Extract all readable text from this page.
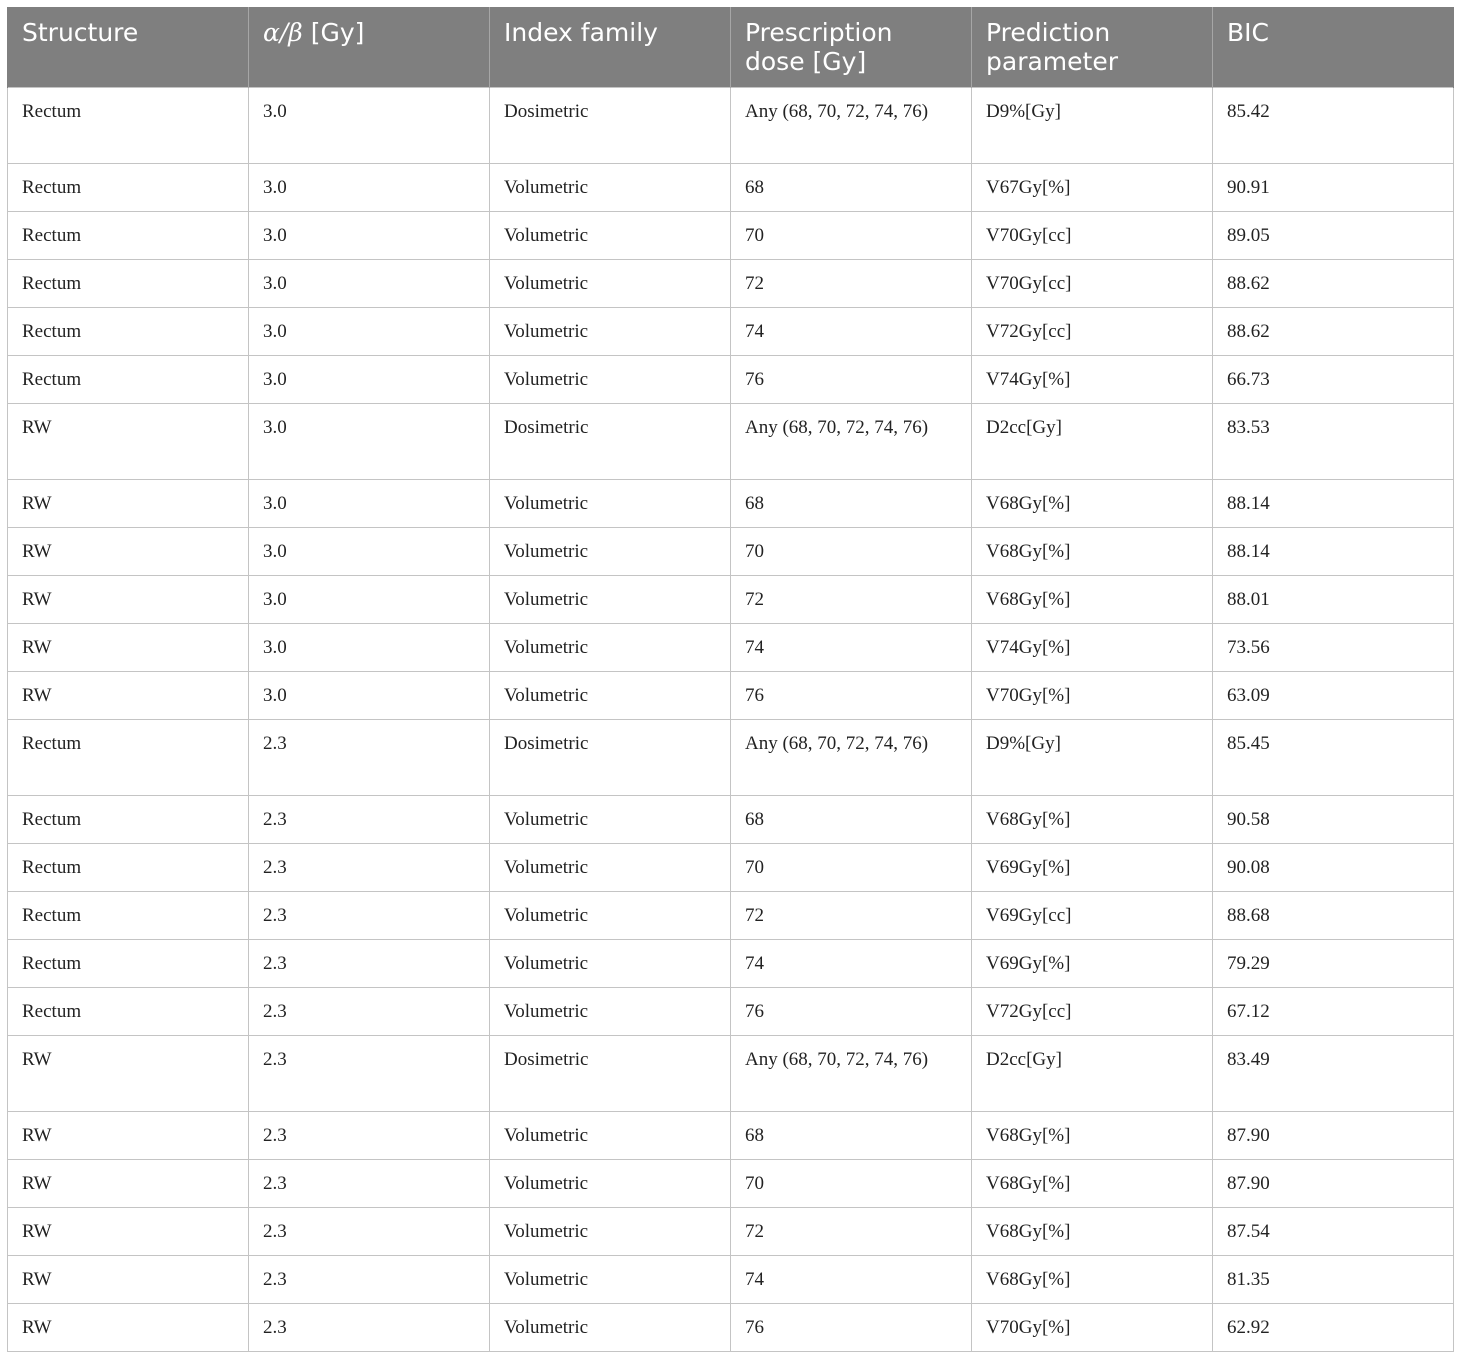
Structure	α/β [Gy]	Index family	Prescription dose [Gy]	Prediction parameter	BIC
Rectum	3.0	Dosimetric	Any (68, 70, 72, 74, 76)	D9%[Gy]	85.42
Rectum	3.0	Volumetric	68	V67Gy[%]	90.91
Rectum	3.0	Volumetric	70	V70Gy[cc]	89.05
Rectum	3.0	Volumetric	72	V70Gy[cc]	88.62
Rectum	3.0	Volumetric	74	V72Gy[cc]	88.62
Rectum	3.0	Volumetric	76	V74Gy[%]	66.73
RW	3.0	Dosimetric	Any (68, 70, 72, 74, 76)	D2cc[Gy]	83.53
RW	3.0	Volumetric	68	V68Gy[%]	88.14
RW	3.0	Volumetric	70	V68Gy[%]	88.14
RW	3.0	Volumetric	72	V68Gy[%]	88.01
RW	3.0	Volumetric	74	V74Gy[%]	73.56
RW	3.0	Volumetric	76	V70Gy[%]	63.09
Rectum	2.3	Dosimetric	Any (68, 70, 72, 74, 76)	D9%[Gy]	85.45
Rectum	2.3	Volumetric	68	V68Gy[%]	90.58
Rectum	2.3	Volumetric	70	V69Gy[%]	90.08
Rectum	2.3	Volumetric	72	V69Gy[cc]	88.68
Rectum	2.3	Volumetric	74	V69Gy[%]	79.29
Rectum	2.3	Volumetric	76	V72Gy[cc]	67.12
RW	2.3	Dosimetric	Any (68, 70, 72, 74, 76)	D2cc[Gy]	83.49
RW	2.3	Volumetric	68	V68Gy[%]	87.90
RW	2.3	Volumetric	70	V68Gy[%]	87.90
RW	2.3	Volumetric	72	V68Gy[%]	87.54
RW	2.3	Volumetric	74	V68Gy[%]	81.35
RW	2.3	Volumetric	76	V70Gy[%]	62.92
